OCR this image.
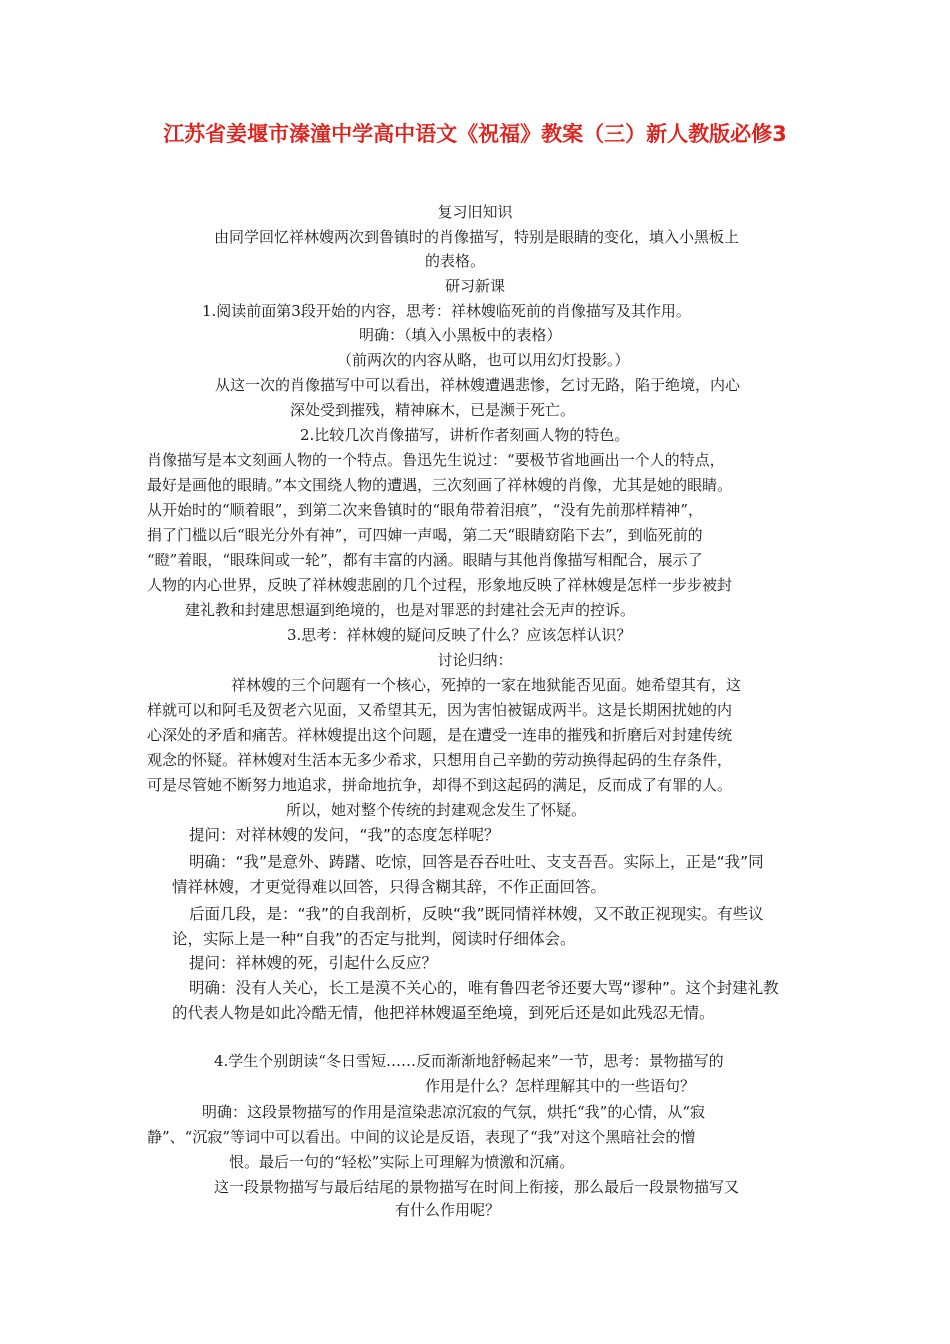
江苏省姜堰市溱潼中学高中语文《祝福》教案（三）新人教版必修3
复习旧知识
由同学回忆祥林嫂两次到鲁镇时的肖像描写，特别是眼睛的变化，填入小黑板上
的表格。
研习新课
1.阅读前面第3段开始的内容，思考：祥林嫂临死前的肖像描写及其作用。
明确：（填入小黑板中的表格）
（前两次的内容从略，也可以用幻灯投影。）
从这一次的肖像描写中可以看出，祥林嫂遭遇悲惨，乞讨无路，陷于绝境，内心
深处受到摧残，精神麻木，已是濒于死亡。
2.比较几次肖像描写，讲析作者刻画人物的特色。
肖像描写是本文刻画人物的一个特点。鲁迅先生说过：“要极节省地画出一个人的特点，
最好是画他的眼睛。”本文围绕人物的遭遇，三次刻画了祥林嫂的肖像，尤其是她的眼睛。
从开始时的“顺着眼”，到第二次来鲁镇时的“眼角带着泪痕”，“没有先前那样精神”，
捐了门槛以后“眼光分外有神”，可四婶一声喝，第二天“眼睛窈陷下去”，到临死前的
“瞪”着眼，“眼珠间或一轮”，都有丰富的内涵。眼睛与其他肖像描写相配合，展示了
人物的内心世界，反映了祥林嫂悲剧的几个过程，形象地反映了祥林嫂是怎样一步步被封
建礼教和封建思想逼到绝境的，也是对罪恶的封建社会无声的控诉。
3.思考：祥林嫂的疑问反映了什么？应该怎样认识？
讨论归纳：
祥林嫂的三个问题有一个核心，死掉的一家在地狱能否见面。她希望其有，这
样就可以和阿毛及贺老六见面，又希望其无，因为害怕被锯成两半。这是长期困扰她的内
心深处的矛盾和痛苦。祥林嫂提出这个问题，是在遭受一连串的摧残和折磨后对封建传统
观念的怀疑。祥林嫂对生活本无多少希求，只想用自己辛勤的劳动换得起码的生存条件，
可是尽管她不断努力地追求，拼命地抗争，却得不到这起码的满足，反而成了有罪的人。
所以，她对整个传统的封建观念发生了怀疑。
提问：对祥林嫂的发问，“我”的态度怎样呢？
明确：“我”是意外、踌躇、吃惊，回答是吞吞吐吐、支支吾吾。实际上，正是“我”同
情祥林嫂，才更觉得难以回答，只得含糊其辞，不作正面回答。
后面几段，是：“我”的自我剖析，反映“我”既同情祥林嫂，又不敢正视现实。有些议
论，实际上是一种“自我”的否定与批判，阅读时仔细体会。
提问：祥林嫂的死，引起什么反应？
明确：没有人关心，长工是漠不关心的，唯有鲁四老爷还要大骂“谬种”。这个封建礼教
的代表人物是如此冷酷无情，他把祥林嫂逼至绝境，到死后还是如此残忍无情。
4.学生个别朗读“冬日雪短……反而渐渐地舒畅起来”一节，思考：景物描写的
作用是什么？怎样理解其中的一些语句？
明确：这段景物描写的作用是渲染悲凉沉寂的气氛，烘托“我”的心情，从“寂
静”、“沉寂”等词中可以看出。中间的议论是反语，表现了“我”对这个黑暗社会的憎
恨。最后一句的“轻松”实际上可理解为愤激和沉痛。
这一段景物描写与最后结尾的景物描写在时间上衔接，那么最后一段景物描写又
有什么作用呢？
